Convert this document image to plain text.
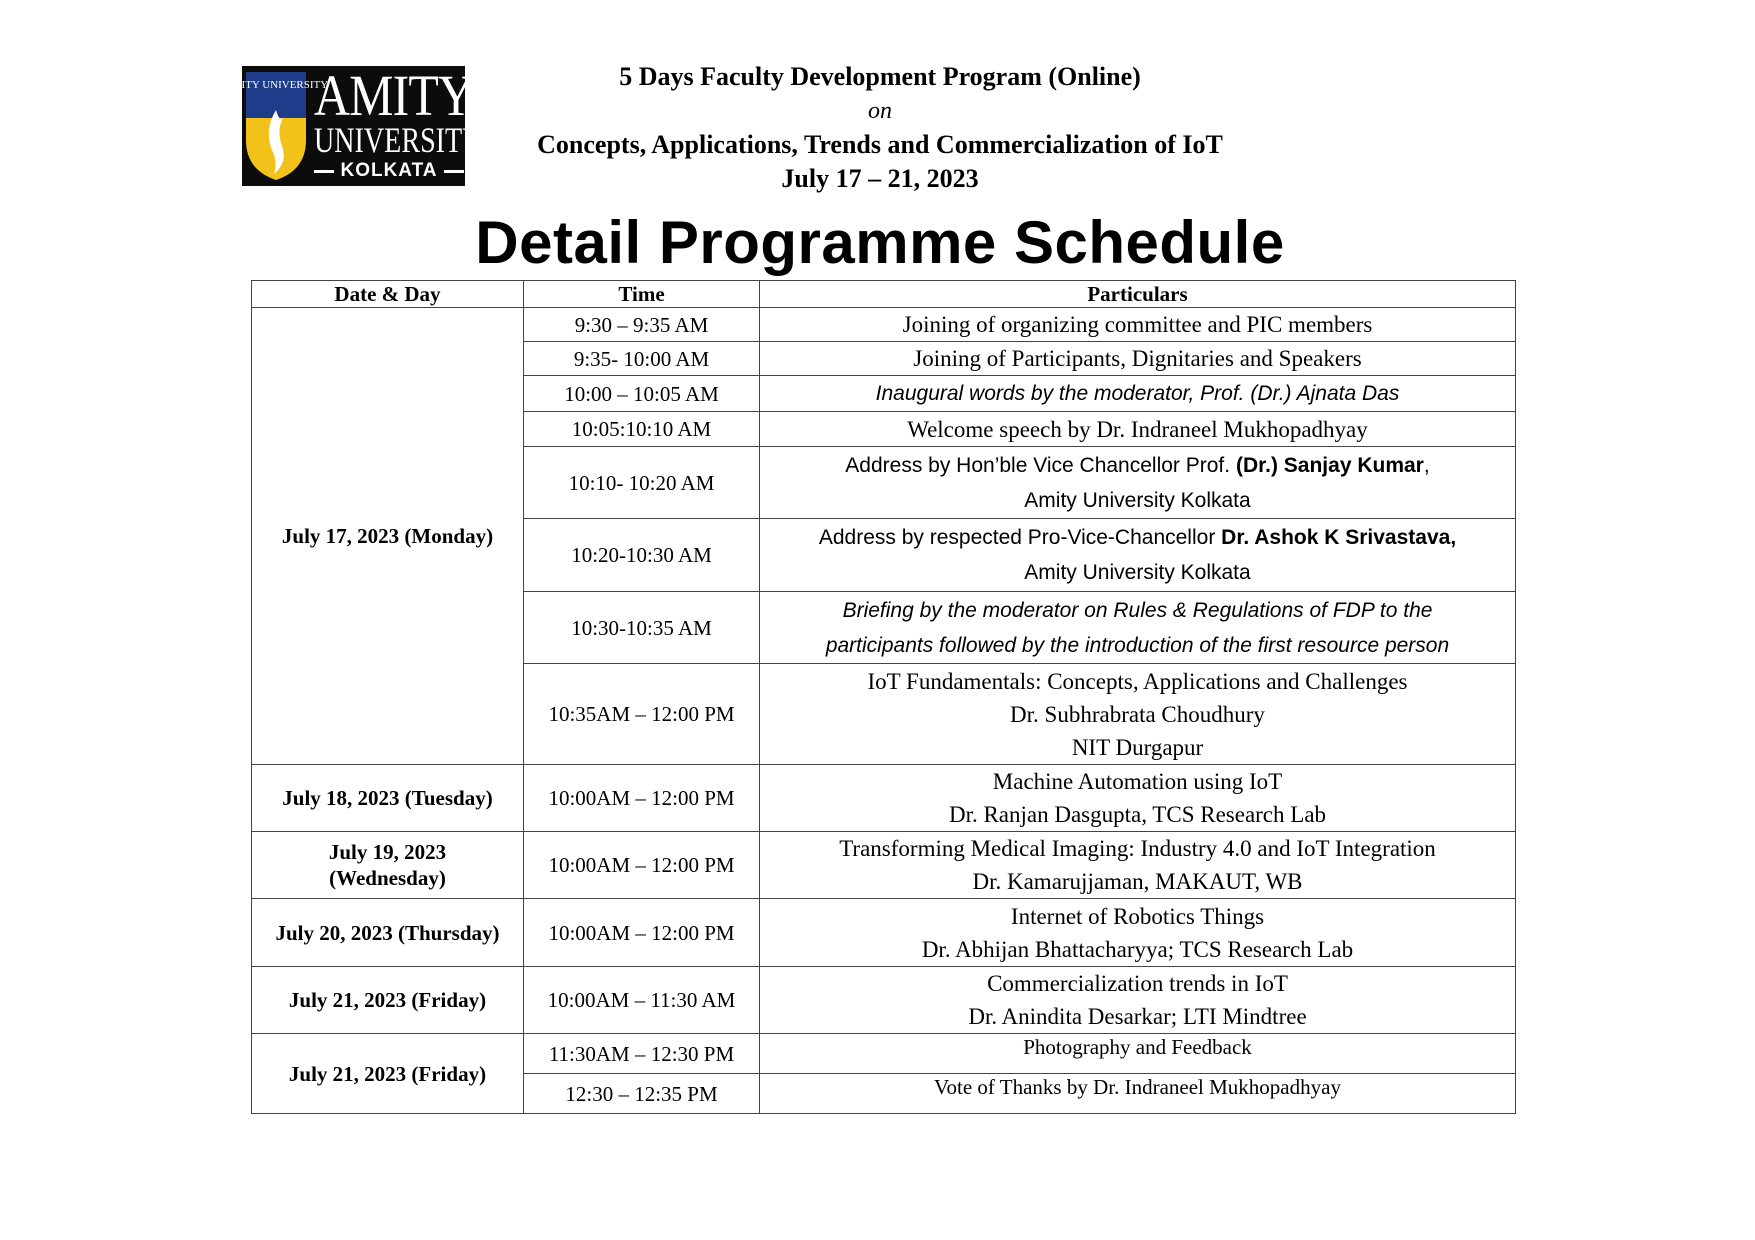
AMITY UNIVERSITY
AMITY
UNIVERSITY
KOLKATA
5 Days Faculty Development Program (Online)
on
Concepts, Applications, Trends and Commercialization of IoT
July 17 – 21, 2023
Detail Programme Schedule
Date & Day	Time	Particulars
July 17, 2023 (Monday)	9:30 – 9:35 AM	Joining of organizing committee and PIC members
	9:35- 10:00 AM	Joining of Participants, Dignitaries and Speakers
	10:00 – 10:05 AM	Inaugural words by the moderator, Prof. (Dr.) Ajnata Das
	10:05:10:10 AM	Welcome speech by Dr. Indraneel Mukhopadhyay
	10:10- 10:20 AM	Address by Hon’ble Vice Chancellor Prof. (Dr.) Sanjay Kumar,
Amity University Kolkata
	10:20-10:30 AM	Address by respected Pro-Vice-Chancellor Dr. Ashok K Srivastava,
Amity University Kolkata
	10:30-10:35 AM	Briefing by the moderator on Rules & Regulations of FDP to the
participants followed by the introduction of the first resource person
	10:35AM – 12:00 PM	IoT Fundamentals: Concepts, Applications and Challenges
Dr. Subhrabrata Choudhury
NIT Durgapur
July 18, 2023 (Tuesday)	10:00AM – 12:00 PM	Machine Automation using IoT
Dr. Ranjan Dasgupta, TCS Research Lab
July 19, 2023
(Wednesday)	10:00AM – 12:00 PM	Transforming Medical Imaging: Industry 4.0 and IoT Integration
Dr. Kamarujjaman, MAKAUT, WB
July 20, 2023 (Thursday)	10:00AM – 12:00 PM	Internet of Robotics Things
Dr. Abhijan Bhattacharyya; TCS Research Lab
July 21, 2023 (Friday)	10:00AM – 11:30 AM	Commercialization trends in IoT
Dr. Anindita Desarkar; LTI Mindtree
July 21, 2023 (Friday)	11:30AM – 12:30 PM	Photography and Feedback
	12:30 – 12:35 PM	Vote of Thanks by Dr. Indraneel Mukhopadhyay
